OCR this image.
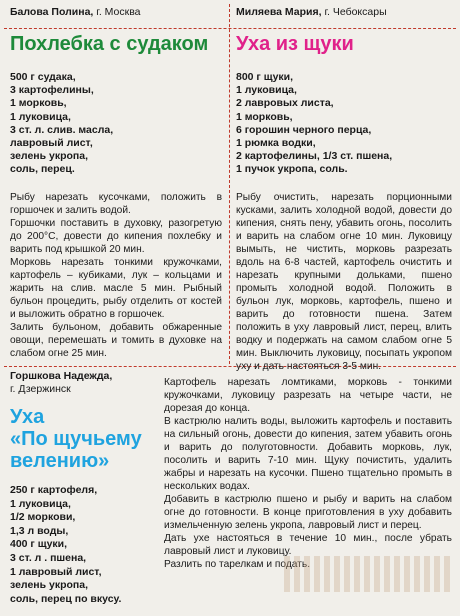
Балова Полина, г. Москва
Похлебка с судаком
500 г судака,
3 картофелины,
1 морковь,
1 луковица,
3 ст. л. слив. масла,
лавровый лист,
зелень укропа,
соль, перец.

Рыбу нарезать кусочками, положить в горшочек и залить водой.

Горшочки поставить в духовку, разогретую до 200°С, довести до кипения похлебку и варить под крышкой 20 мин.

Морковь нарезать тонкими кружочками, картофель – кубиками, лук – кольцами и жарить на слив. масле 5 мин. Рыбный бульон процедить, рыбу отделить от костей и выложить обратно в горшочек.

Залить бульоном, добавить обжаренные овощи, перемешать и томить в духовке на слабом огне 25 мин.

Миляева Мария, г. Чебоксары
Уха из щуки
800 г щуки,
1 луковица,
2 лавровых листа,
1 морковь,
6 горошин черного перца,
1 рюмка водки,
2 картофелины, 1/3 ст. пшена,
1 пучок укропа, соль.

Рыбу очистить, нарезать порционными кусками, залить холодной водой, довести до кипения, снять пену, убавить огонь, посолить и варить на слабом огне 10 мин. Луковицу вымыть, не чистить, морковь разрезать вдоль на 6-8 частей, картофель очистить и нарезать крупными дольками, пшено промыть холодной водой. Положить в бульон лук, морковь, картофель, пшено и варить до готовности пшена. Затем положить в уху лавровый лист, перец, влить водку и подержать на самом слабом огне 5 мин. Выключить луковицу, посыпать укропом уху и дать настояться 3-5 мин.

Горшкова Надежда,
г. Дзержинск
Уха
«По щучьему
велению»
250 г картофеля,
1 луковица,
1/2 моркови,
1,3 л воды,
400 г щуки,
3 ст. л . пшена,
1 лавровый лист,
зелень укропа,
соль, перец по вкусу.

Картофель нарезать ломтиками, морковь - тонкими кружочками, луковицу разрезать на четыре части, не дорезая до конца.

В кастрюлю налить воды, выложить картофель и поставить на сильный огонь, довести до кипения, затем убавить огонь и варить до полуготовности. Добавить морковь, лук, посолить и варить 7-10 мин. Щуку почистить, удалить жабры и нарезать на кусочки. Пшено тщательно промыть в нескольких водах.

Добавить в кастрюлю пшено и рыбу и варить на слабом огне до готовности. В конце приготовления в уху добавить измельченную зелень укропа, лавровый лист и перец.

Дать уxe настояться в течение 10 мин., после убрать лавровый лист и луковицу.

Разлить по тарелкам и подать.
